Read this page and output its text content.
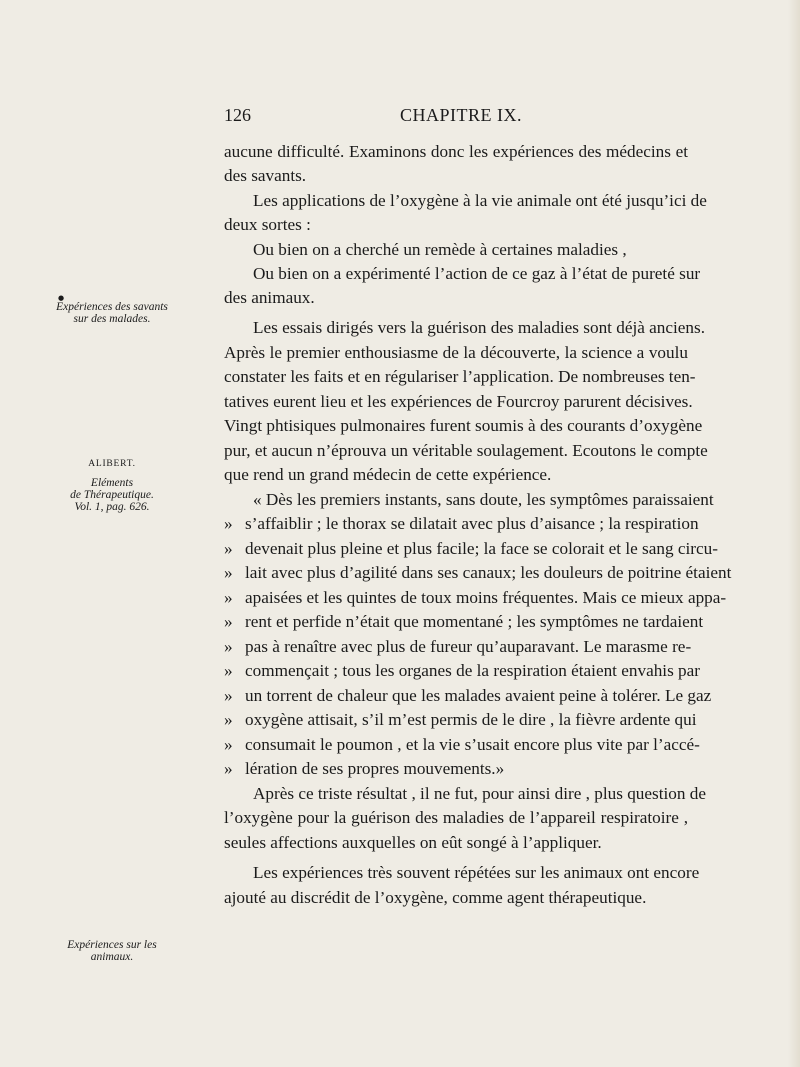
126	CHAPITRE IX.
●
Expériences des savants
sur des malades.
ALIBERT.
Eléments
de Thérapeutique.
Vol. 1, pag. 626.
Expériences sur les
animaux.
aucune difficulté. Examinons donc les expériences des médecins et
des savants.
Les applications de l’oxygène à la vie animale ont été jusqu’ici de
deux sortes :
Ou bien on a cherché un remède à certaines maladies ,
Ou bien on a expérimenté l’action de ce gaz à l’état de pureté sur
des animaux.
Les essais dirigés vers la guérison des maladies sont déjà anciens.
Après le premier enthousiasme de la découverte, la science a voulu
constater les faits et en régulariser l’application. De nombreuses ten-
tatives eurent lieu et les expériences de Fourcroy parurent décisives.
Vingt phtisiques pulmonaires furent soumis à des courants d’oxygène
pur, et aucun n’éprouva un véritable soulagement. Ecoutons le compte
que rend un grand médecin de cette expérience.
« Dès les premiers instants, sans doute, les symptômes paraissaient
» s’affaiblir ; le thorax se dilatait avec plus d’aisance ; la respiration
» devenait plus pleine et plus facile; la face se colorait et le sang circu-
» lait avec plus d’agilité dans ses canaux; les douleurs de poitrine étaient
» apaisées et les quintes de toux moins fréquentes. Mais ce mieux appa-
» rent et perfide n’était que momentané ; les symptômes ne tardaient
» pas à renaître avec plus de fureur qu’auparavant. Le marasme re-
» commençait ; tous les organes de la respiration étaient envahis par
» un torrent de chaleur que les malades avaient peine à tolérer. Le gaz
» oxygène attisait, s’il m’est permis de le dire , la fièvre ardente qui
» consumait le poumon , et la vie s’usait encore plus vite par l’accé-
» lération de ses propres mouvements.»
Après ce triste résultat , il ne fut, pour ainsi dire , plus question de
l’oxygène pour la guérison des maladies de l’appareil respiratoire ,
seules affections auxquelles on eût songé à l’appliquer.
Les expériences très souvent répétées sur les animaux ont encore
ajouté au discrédit de l’oxygène, comme agent thérapeutique.
